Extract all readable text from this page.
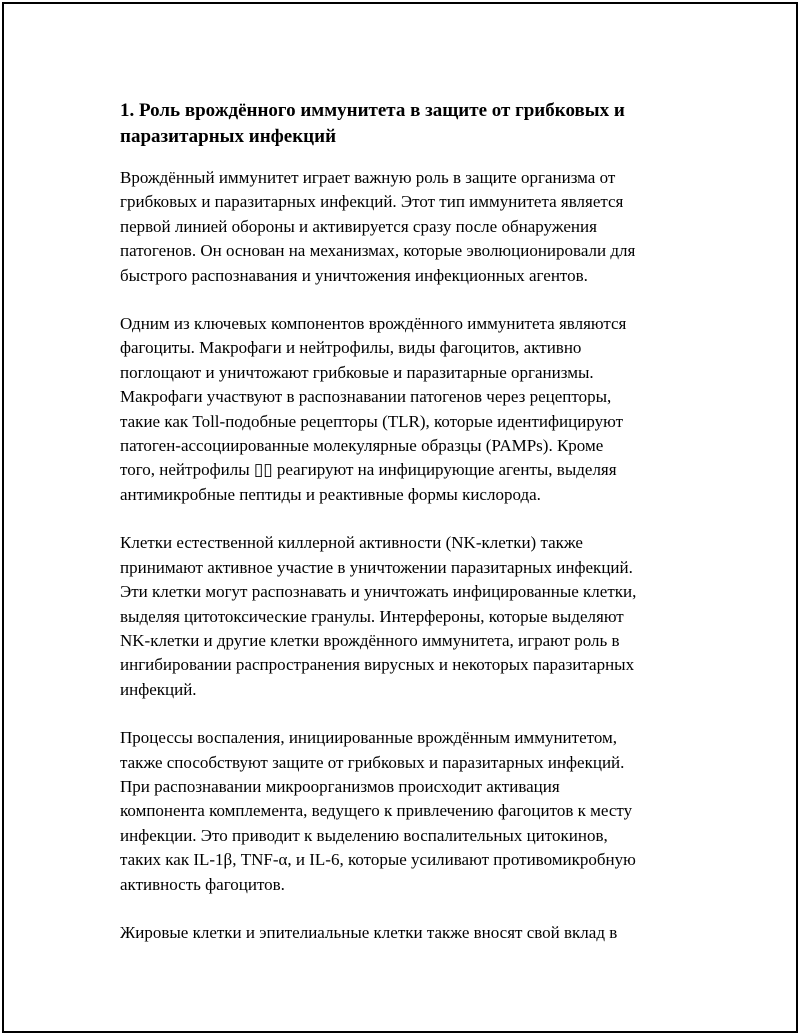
1. Роль врождённого иммунитета в защите от грибковых и паразитарных инфекций

Врождённый иммунитет играет важную роль в защите организма от
грибковых и паразитарных инфекций. Этот тип иммунитета является
первой линией обороны и активируется сразу после обнаружения
патогенов. Он основан на механизмах, которые эволюционировали для
быстрого распознавания и уничтожения инфекционных агентов.

Одним из ключевых компонентов врождённого иммунитета являются
фагоциты. Макрофаги и нейтрофилы, виды фагоцитов, активно
поглощают и уничтожают грибковые и паразитарные организмы.
Макрофаги участвуют в распознавании патогенов через рецепторы,
такие как Toll-подобные рецепторы (TLR), которые идентифицируют
патоген-ассоциированные молекулярные образцы (PAMPs). Кроме
того, нейтрофилы ▯▯ реагируют на инфицирующие агенты, выделяя
антимикробные пептиды и реактивные формы кислорода.

Клетки естественной киллерной активности (NK-клетки) также
принимают активное участие в уничтожении паразитарных инфекций.
Эти клетки могут распознавать и уничтожать инфицированные клетки,
выделяя цитотоксические гранулы. Интерфероны, которые выделяют
NK-клетки и другие клетки врождённого иммунитета, играют роль в
ингибировании распространения вирусных и некоторых паразитарных
инфекций.

Процессы воспаления, инициированные врождённым иммунитетом,
также способствуют защите от грибковых и паразитарных инфекций.
При распознавании микроорганизмов происходит активация
компонента комплемента, ведущего к привлечению фагоцитов к месту
инфекции. Это приводит к выделению воспалительных цитокинов,
таких как IL-1β, TNF-α, и IL-6, которые усиливают противомикробную
активность фагоцитов.

Жировые клетки и эпителиальные клетки также вносят свой вклад в
